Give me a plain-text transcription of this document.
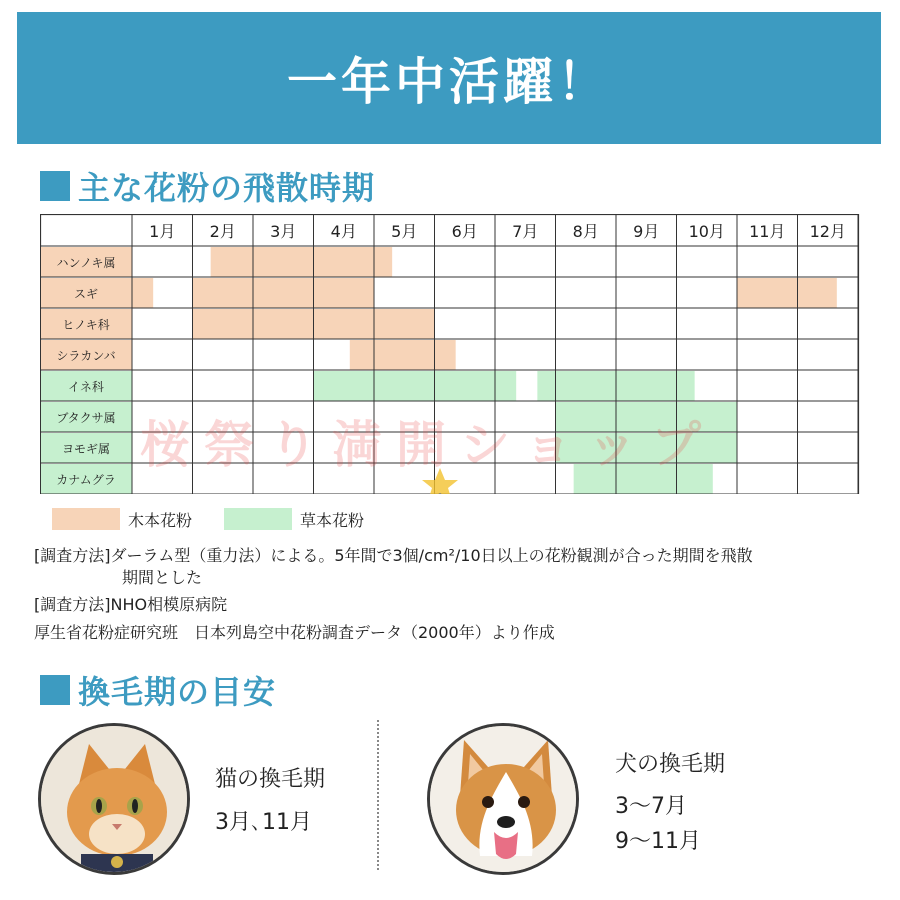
一年中活躍！
主な花粉の飛散時期
1月 2月 3月 4月 5月 6月 7月 8月 9月 10月 11月 12月
ハンノキ属
スギ
ヒノキ科
シラカンバ
イネ科
ブタクサ属
ヨモギ属
カナムグラ
桜祭り満開ショップ
木本花粉	草本花粉
[調査方法]ダーラム型（重力法）による。5年間で3個/cm²/10日以上の花粉観測が合った期間を飛散
期間とした
[調査方法]NHO相模原病院
厚生省花粉症研究班　日本列島空中花粉調査データ（2000年）より作成
換毛期の目安
猫の換毛期
3月､11月
犬の換毛期
3～7月
9～11月
